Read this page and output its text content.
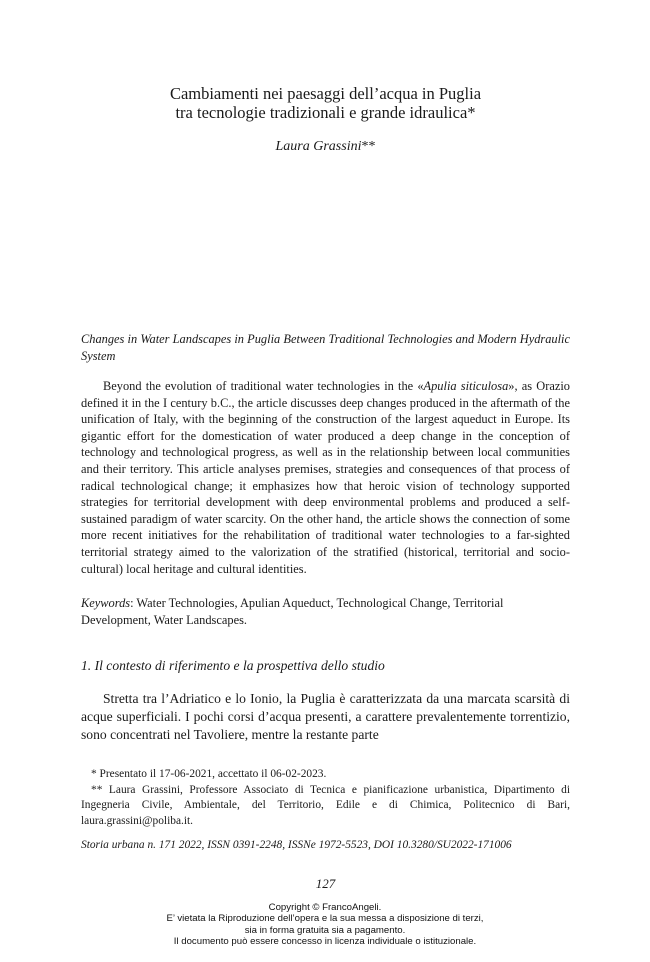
Cambiamenti nei paesaggi dell’acqua in Puglia
tra tecnologie tradizionali e grande idraulica*
Laura Grassini**
Changes in Water Landscapes in Puglia Between Traditional Technologies and Modern Hydraulic System

Beyond the evolution of traditional water technologies in the «Apulia siticulosa», as Orazio defined it in the I century b.C., the article discusses deep changes produced in the aftermath of the unification of Italy, with the beginning of the construction of the largest aqueduct in Europe. Its gigantic effort for the domestication of water produced a deep change in the conception of technology and technological progress, as well as in the relationship between local communities and their territory. This article analyses premises, strategies and consequences of that process of radical technological change; it emphasizes how that heroic vision of technology supported strategies for territorial development with deep environmental problems and produced a self-sustained paradigm of water scarcity. On the other hand, the article shows the connection of some more recent initiatives for the rehabilitation of traditional water technologies to a far-sighted territorial strategy aimed to the valorization of the stratified (historical, territorial and socio-cultural) local heritage and cultural identities.

Keywords: Water Technologies, Apulian Aqueduct, Technological Change, Territorial Development, Water Landscapes.

1. Il contesto di riferimento e la prospettiva dello studio

Stretta tra l’Adriatico e lo Ionio, la Puglia è caratterizzata da una marcata scarsità di acque superficiali. I pochi corsi d’acqua presenti, a carattere prevalentemente torrentizio, sono concentrati nel Tavoliere, mentre la restante parte

* Presentato il 17-06-2021, accettato il 06-02-2023.

** Laura Grassini, Professore Associato di Tecnica e pianificazione urbanistica, Dipartimento di Ingegneria Civile, Ambientale, del Territorio, Edile e di Chimica, Politecnico di Bari, laura.grassini@poliba.it.

Storia urbana n. 171 2022, ISSN 0391-2248, ISSNe 1972-5523, DOI 10.3280/SU2022-171006
127
Copyright © FrancoAngeli.
E’ vietata la Riproduzione dell’opera e la sua messa a disposizione di terzi,
sia in forma gratuita sia a pagamento.
Il documento può essere concesso in licenza individuale o istituzionale.
